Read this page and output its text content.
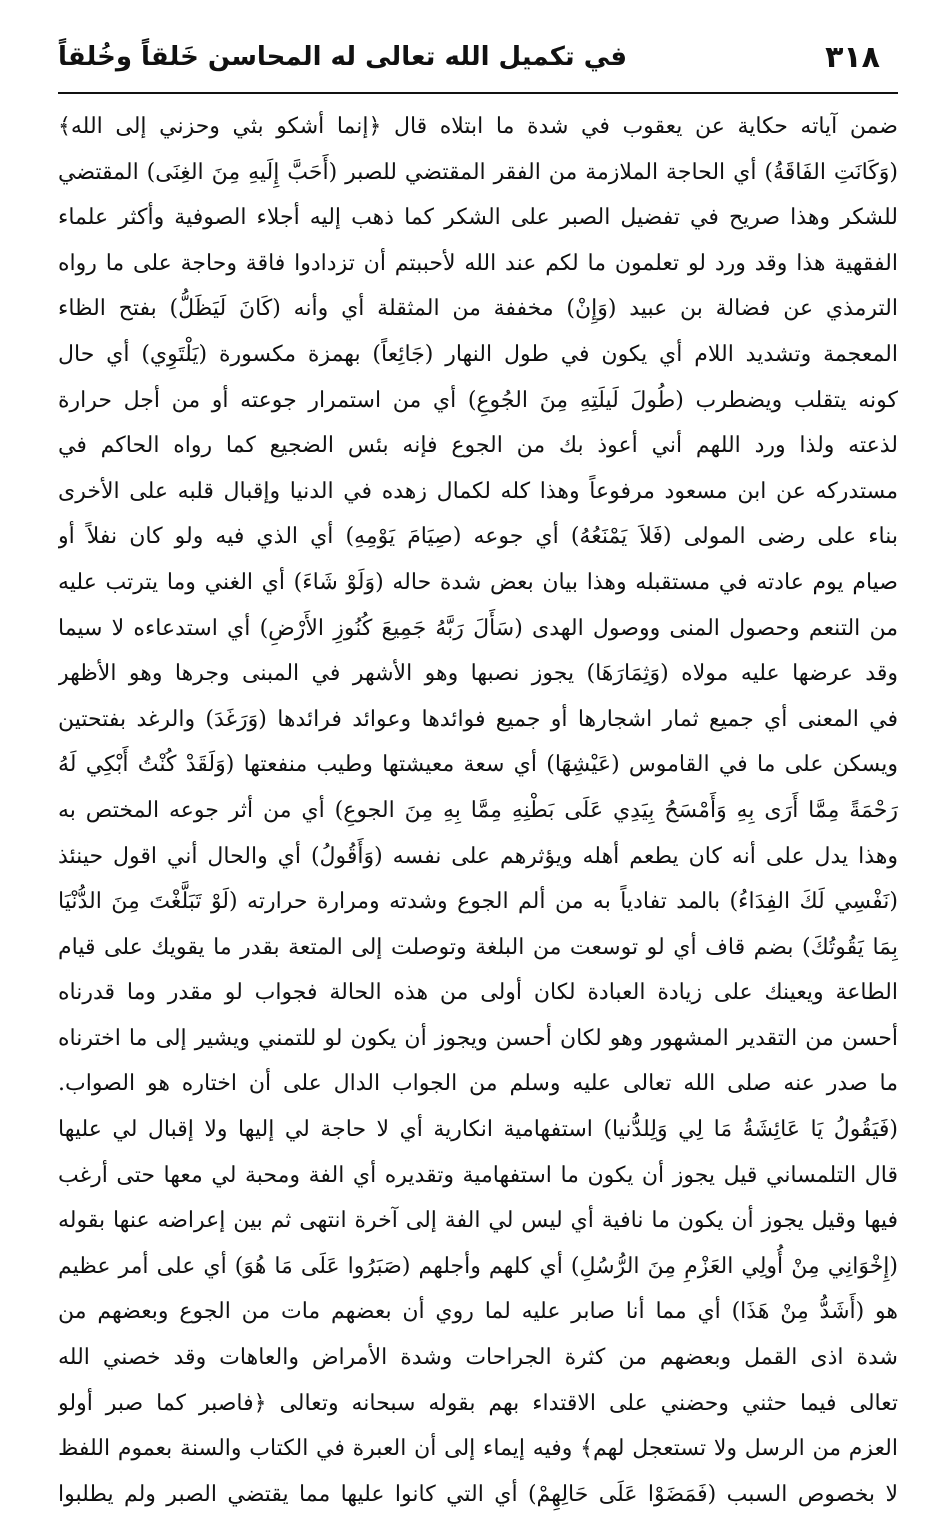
٣١٨
في تكميل الله تعالى له المحاسن خَلقاً وخُلقاً
ضمن آياته حكاية عن يعقوب في شدة ما ابتلاه قال ﴿إنما أشكو بثي وحزني إلى الله﴾
(وَكَانَتِ الفَاقَةُ) أي الحاجة الملازمة من الفقر المقتضي للصبر (أَحَبَّ إِلَيهِ مِنَ الغِنَى) المقتضي
للشكر وهذا صريح في تفضيل الصبر على الشكر كما ذهب إليه أجلاء الصوفية وأكثر علماء
الفقهية هذا وقد ورد لو تعلمون ما لكم عند الله لأحببتم أن تزدادوا فاقة وحاجة على ما رواه
الترمذي عن فضالة بن عبيد (وَإِنْ) مخففة من المثقلة أي وأنه (كَانَ لَيَظَلُّ) بفتح الظاء
المعجمة وتشديد اللام أي يكون في طول النهار (جَائِعاً) بهمزة مكسورة (يَلْتَوِي) أي حال
كونه يتقلب ويضطرب (طُولَ لَيلَتِهِ مِنَ الجُوعِ) أي من استمرار جوعته أو من أجل حرارة
لذعته ولذا ورد اللهم أني أعوذ بك من الجوع فإنه بئس الضجيع كما رواه الحاكم في
مستدركه عن ابن مسعود مرفوعاً وهذا كله لكمال زهده في الدنيا وإقبال قلبه على الأخرى
بناء على رضى المولى (فَلاَ يَمْنَعُهُ) أي جوعه (صِيَامَ يَوْمِهِ) أي الذي فيه ولو كان نفلاً أو
صيام يوم عادته في مستقبله وهذا بيان بعض شدة حاله (وَلَوْ شَاءَ) أي الغني وما يترتب عليه
من التنعم وحصول المنى ووصول الهدى (سَأَلَ رَبَّهُ جَمِيعَ كُنُوزِ الأَرْضِ) أي استدعاءه لا سيما
وقد عرضها عليه مولاه (وَثِمَارَهَا) يجوز نصبها وهو الأشهر في المبنى وجرها وهو الأظهر
في المعنى أي جميع ثمار اشجارها أو جميع فوائدها وعوائد فرائدها (وَرَغَدَ) والرغد بفتحتين
ويسكن على ما في القاموس (عَيْشِهَا) أي سعة معيشتها وطيب منفعتها (وَلَقَدْ كُنْتُ أَبْكِي لَهُ
رَحْمَةً مِمَّا أَرَى بِهِ وَأَمْسَحُ بِيَدِي عَلَى بَطْنِهِ مِمَّا بِهِ مِنَ الجوعِ) أي من أثر جوعه المختص به
وهذا يدل على أنه كان يطعم أهله ويؤثرهم على نفسه (وَأَقُولُ) أي والحال أني اقول حينئذ
(نَفْسِي لَكَ الفِدَاءُ) بالمد تفادياً به من ألم الجوع وشدته ومرارة حرارته (لَوْ تَبَلَّغْتَ مِنَ الدُّنْيَا
بِمَا يَقُوتُكَ) بضم قاف أي لو توسعت من البلغة وتوصلت إلى المتعة بقدر ما يقويك على قيام
الطاعة ويعينك على زيادة العبادة لكان أولى من هذه الحالة فجواب لو مقدر وما قدرناه
أحسن من التقدير المشهور وهو لكان أحسن ويجوز أن يكون لو للتمني ويشير إلى ما اخترناه
ما صدر عنه صلى الله تعالى عليه وسلم من الجواب الدال على أن اختاره هو الصواب.
(فَيَقُولُ يَا عَائِشَةُ مَا لِي وَلِلدُّنيا) استفهامية انكارية أي لا حاجة لي إليها ولا إقبال لي عليها
قال التلمساني قيل يجوز أن يكون ما استفهامية وتقديره أي الفة ومحبة لي معها حتى أرغب
فيها وقيل يجوز أن يكون ما نافية أي ليس لي الفة إلى آخرة انتهى ثم بين إعراضه عنها بقوله
(إِخْوَانِي مِنْ أُولِي العَزْمِ مِنَ الرُّسُلِ) أي كلهم وأجلهم (صَبَرُوا عَلَى مَا هُوَ) أي على أمر عظيم
هو (أَشَدُّ مِنْ هَذَا) أي مما أنا صابر عليه لما روي أن بعضهم مات من الجوع وبعضهم من
شدة اذى القمل وبعضهم من كثرة الجراحات وشدة الأمراض والعاهات وقد خصني الله
تعالى فيما حثني وحضني على الاقتداء بهم بقوله سبحانه وتعالى ﴿فاصبر كما صبر أولو
العزم من الرسل ولا تستعجل لهم﴾ وفيه إيماء إلى أن العبرة في الكتاب والسنة بعموم اللفظ
لا بخصوص السبب (فَمَضَوْا عَلَى حَالِهِمْ) أي التي كانوا عليها مما يقتضي الصبر ولم يطلبوا
